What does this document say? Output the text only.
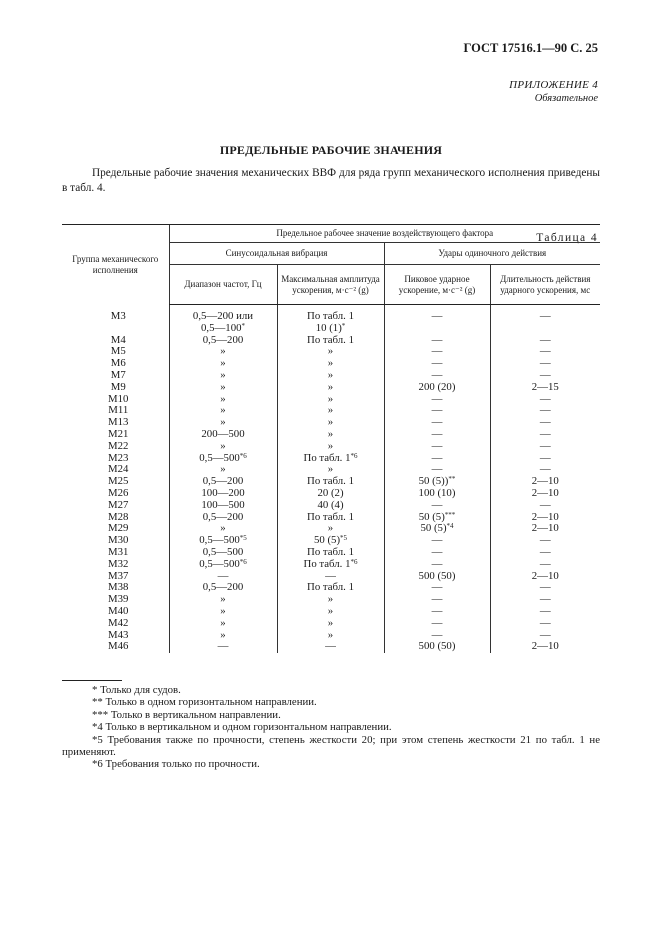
ГОСТ 17516.1—90 С. 25
ПРИЛОЖЕНИЕ 4
Обязательное
ПРЕДЕЛЬНЫЕ РАБОЧИЕ ЗНАЧЕНИЯ
Предельные рабочие значения механических ВВФ для ряда групп механического исполнения приведены в табл. 4.
Таблица 4
Группа механического исполнения	Предельное рабочее значение воздействующего фактора			
	Синусоидальная вибрация		Удары одиночного действия	
	Диапазон частот, Гц	Максимальная амплитуда ускорения, м·с⁻² (g)	Пиковое ударное ускорение, м·с⁻² (g)	Длительность действия ударного ускорения, мс
M3	0,5—200 или	По табл. 1	—	—
	0,5—100*	10 (1)*		
M4	0,5—200	По табл. 1	—	—
M5	»	»	—	—
M6	»	»	—	—
M7	»	»	—	—
M9	»	»	200 (20)	2—15
M10	»	»	—	—
M11	»	»	—	—
M13	»	»	—	—
M21	200—500	»	—	—
M22	»	»	—	—
M23	0,5—500$^{*6}$	По табл. 1$^{*6}$	—	—
M24	»	»	—	—
M25	0,5—200	По табл. 1	50 (5))**	2—10
M26	100—200	20 (2)	100 (10)	2—10
M27	100—500	40 (4)	—	—
M28	0,5—200	По табл. 1	50 (5)***	2—10
M29	»	»	50 $(5)^{*4}$	2—10
M30	0,5—500$^{*5}$	50 $(5)^{*5}$	—	—
M31	0,5—500	По табл. 1	—	—
M32	0,5—500$^{*6}$	По табл. 1$^{*6}$	—	—
M37	—	—	500 (50)	2—10
M38	0,5—200	По табл. 1	—	—
M39	»	»	—	—
M40	»	»	—	—
M42	»	»	—	—
M43	»	»	—	—
M46	—	—	500 (50)	2—10

* Только для судов.

** Только в одном горизонтальном направлении.

*** Только в вертикальном направлении.

*4 Только в вертикальном и одном горизонтальном направлении.

*5 Требования также по прочности, степень жесткости 20; при этом степень жесткости 21 по табл. 1 не применяют.

*6 Требования только по прочности.
